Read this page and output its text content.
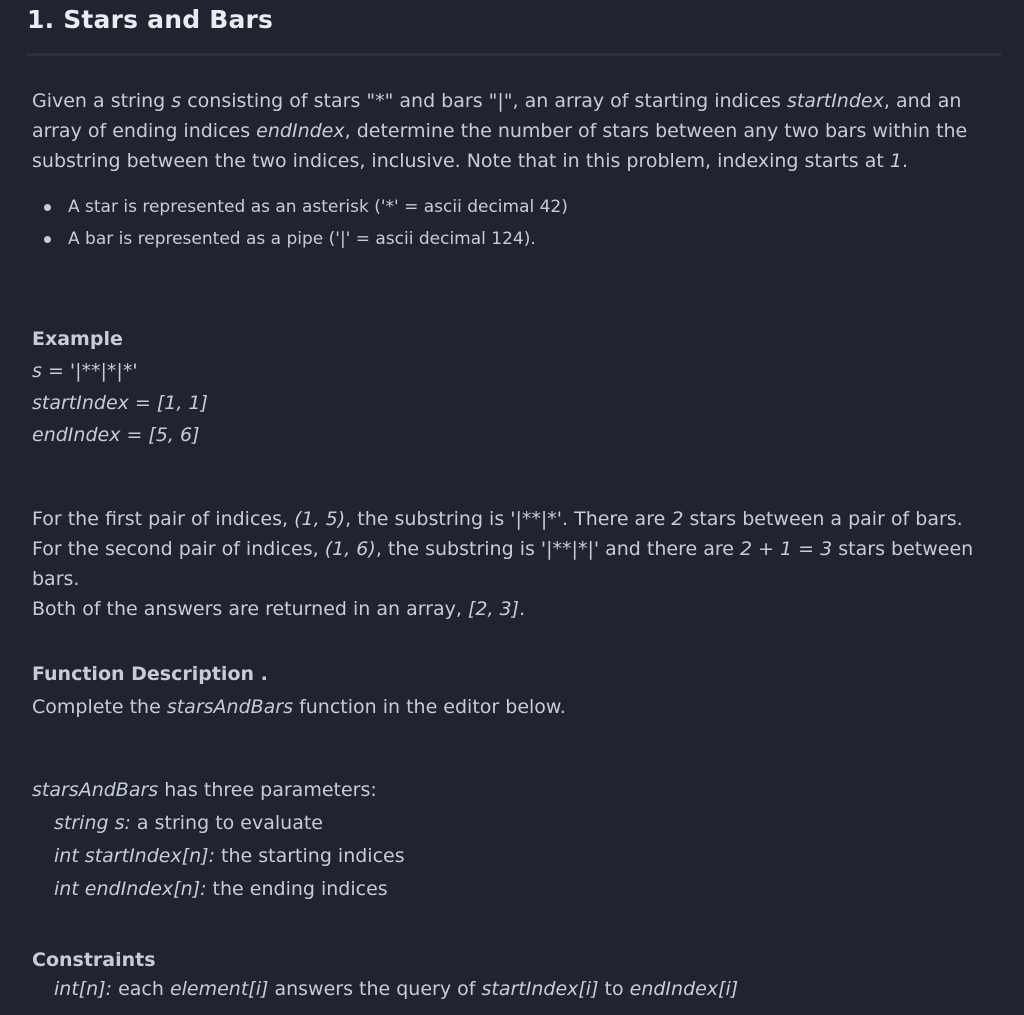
1. Stars and Bars

Given a string s consisting of stars "*" and bars "|", an array of starting indices startIndex, and an array of ending indices endIndex, determine the number of stars between any two bars within the substring between the two indices, inclusive. Note that in this problem, indexing starts at 1.

A star is represented as an asterisk ('*' = ascii decimal 42)
A bar is represented as a pipe ('|' = ascii decimal 124).
Example
s = '|**|*|*'
startIndex = [1, 1]
endIndex = [5, 6]

For the first pair of indices, (1, 5), the substring is '|**|*'. There are 2 stars between a pair of bars.

For the second pair of indices, (1, 6), the substring is '|**|*|' and there are 2 + 1 = 3 stars between bars.

Both of the answers are returned in an array, [2, 3].

Function Description .
Complete the starsAndBars function in the editor below.
starsAndBars has three parameters:
string s: a string to evaluate
int startIndex[n]: the starting indices
int endIndex[n]: the ending indices
Constraints
int[n]: each element[i] answers the query of startIndex[i] to endIndex[i]
